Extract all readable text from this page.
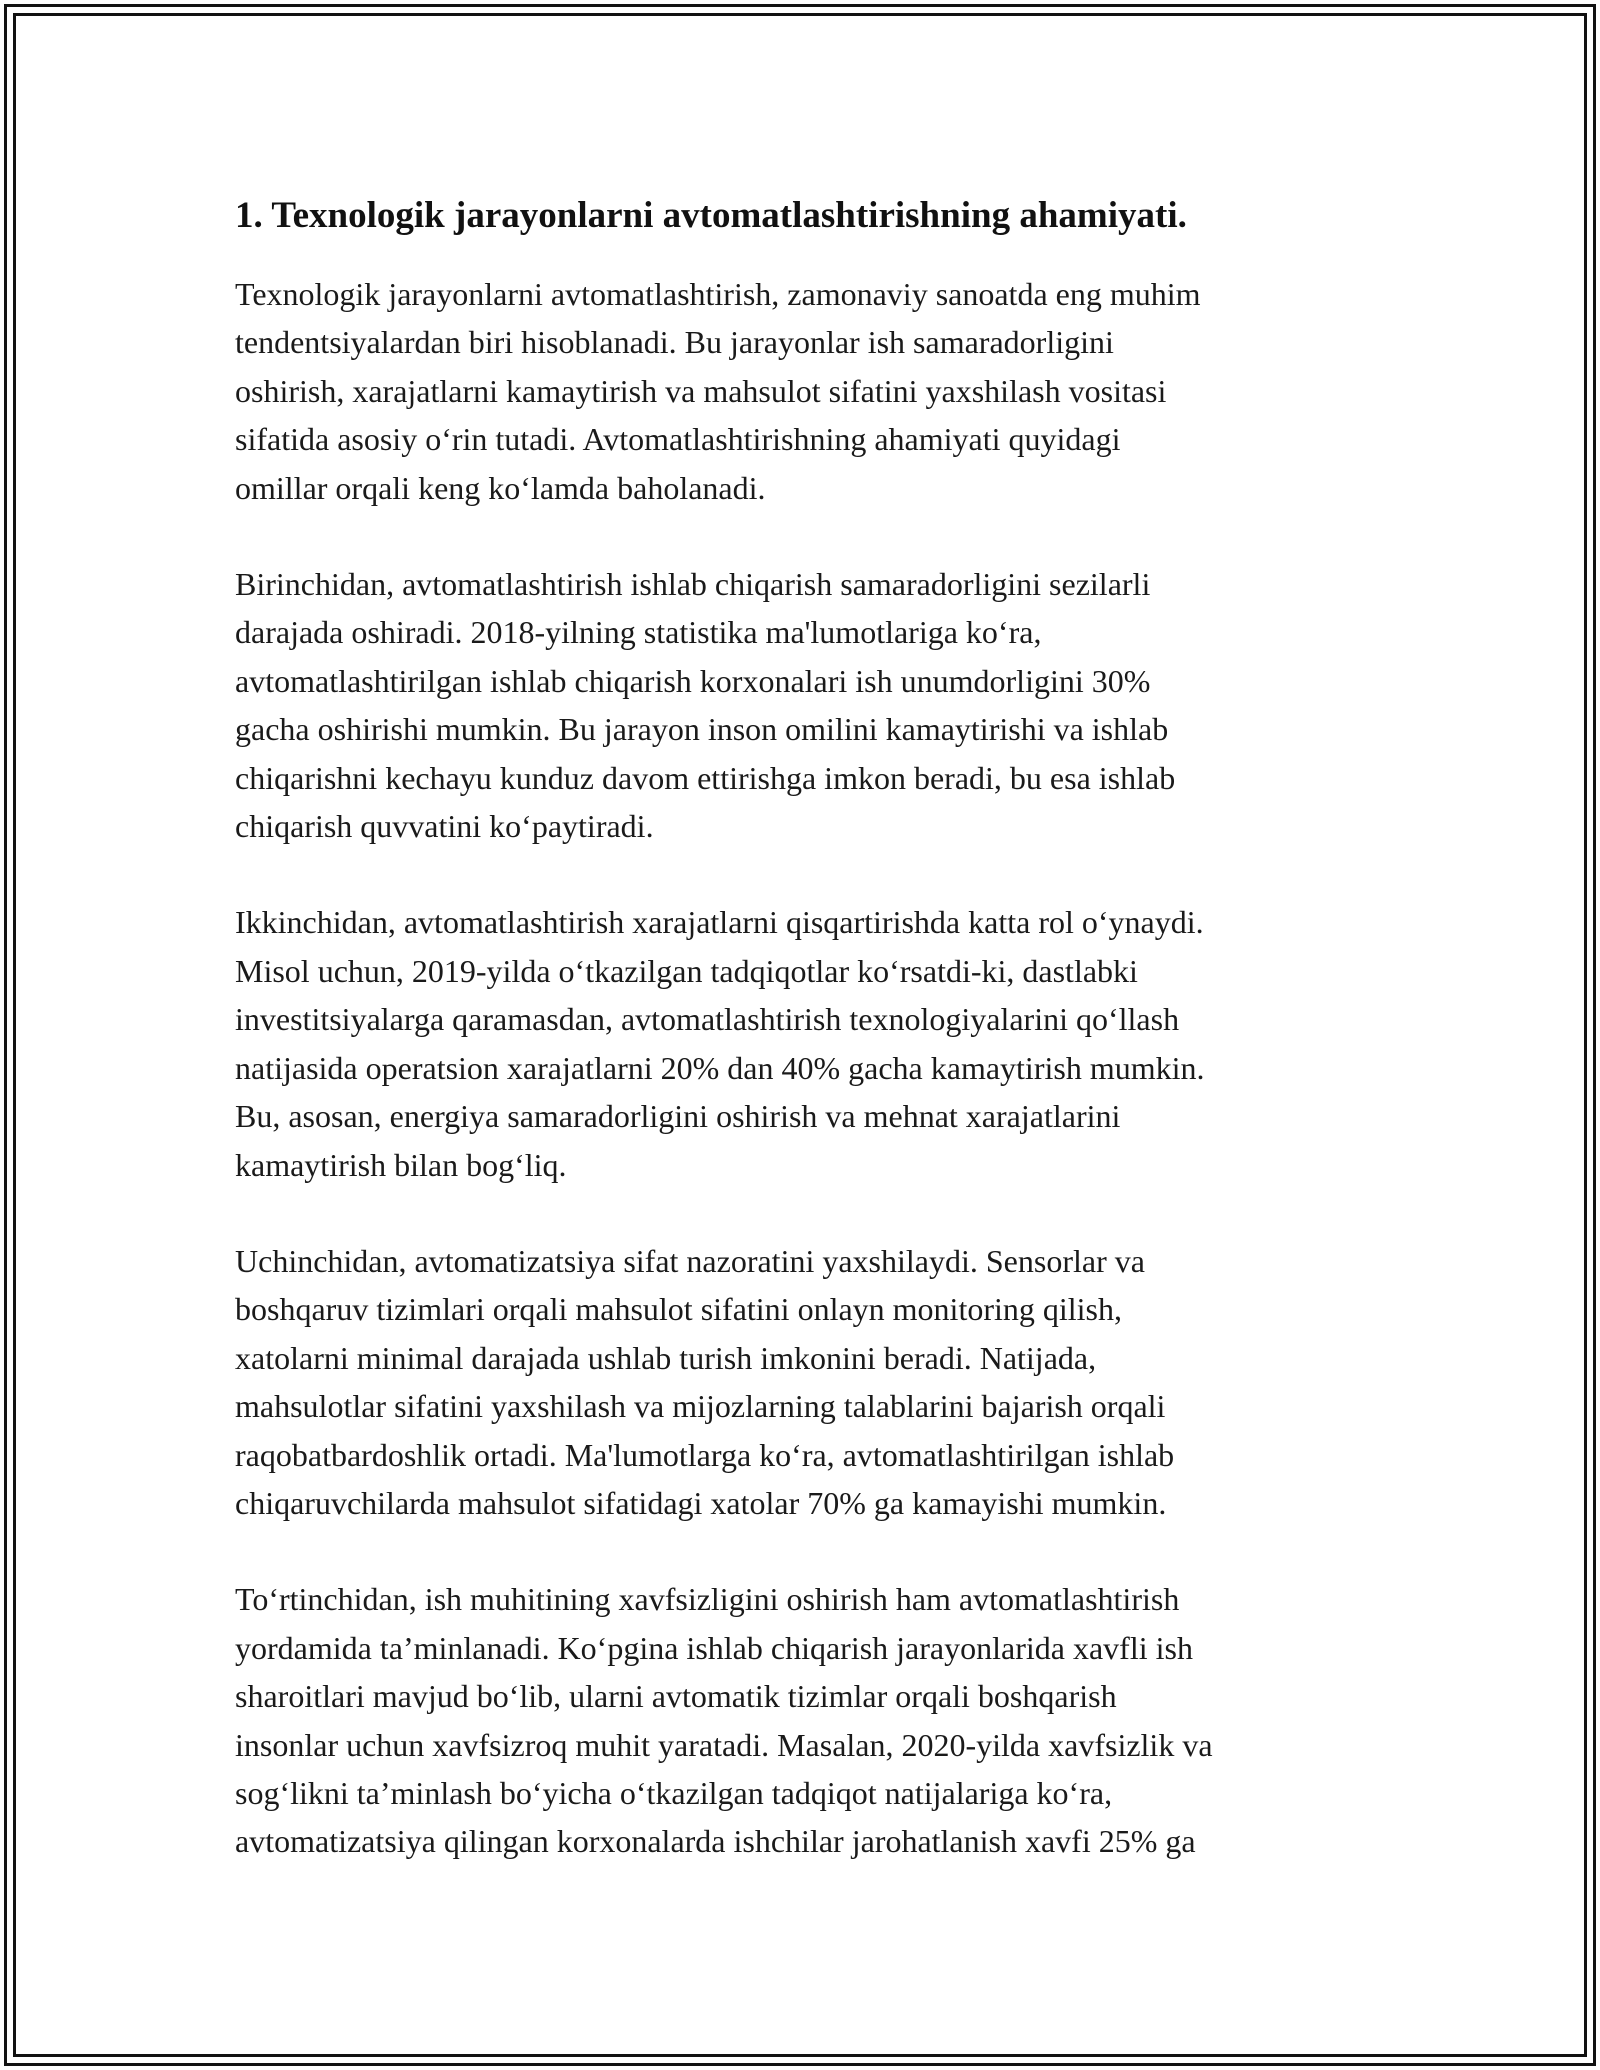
1. Texnologik jarayonlarni avtomatlashtirishning ahamiyati.

Texnologik jarayonlarni avtomatlashtirish, zamonaviy sanoatda eng muhim
tendentsiyalardan biri hisoblanadi. Bu jarayonlar ish samaradorligini
oshirish, xarajatlarni kamaytirish va mahsulot sifatini yaxshilash vositasi
sifatida asosiy oʻrin tutadi. Avtomatlashtirishning ahamiyati quyidagi
omillar orqali keng koʻlamda baholanadi.

Birinchidan, avtomatlashtirish ishlab chiqarish samaradorligini sezilarli
darajada oshiradi. 2018-yilning statistika ma'lumotlariga koʻra,
avtomatlashtirilgan ishlab chiqarish korxonalari ish unumdorligini 30%
gacha oshirishi mumkin. Bu jarayon inson omilini kamaytirishi va ishlab
chiqarishni kechayu kunduz davom ettirishga imkon beradi, bu esa ishlab
chiqarish quvvatini koʻpaytiradi.

Ikkinchidan, avtomatlashtirish xarajatlarni qisqartirishda katta rol oʻynaydi.
Misol uchun, 2019-yilda oʻtkazilgan tadqiqotlar koʻrsatdi-ki, dastlabki
investitsiyalarga qaramasdan, avtomatlashtirish texnologiyalarini qoʻllash
natijasida operatsion xarajatlarni 20% dan 40% gacha kamaytirish mumkin.
Bu, asosan, energiya samaradorligini oshirish va mehnat xarajatlarini
kamaytirish bilan bogʻliq.

Uchinchidan, avtomatizatsiya sifat nazoratini yaxshilaydi. Sensorlar va
boshqaruv tizimlari orqali mahsulot sifatini onlayn monitoring qilish,
xatolarni minimal darajada ushlab turish imkonini beradi. Natijada,
mahsulotlar sifatini yaxshilash va mijozlarning talablarini bajarish orqali
raqobatbardoshlik ortadi. Ma'lumotlarga koʻra, avtomatlashtirilgan ishlab
chiqaruvchilarda mahsulot sifatidagi xatolar 70% ga kamayishi mumkin.

Toʻrtinchidan, ish muhitining xavfsizligini oshirish ham avtomatlashtirish
yordamida taʼminlanadi. Koʻpgina ishlab chiqarish jarayonlarida xavfli ish
sharoitlari mavjud boʻlib, ularni avtomatik tizimlar orqali boshqarish
insonlar uchun xavfsizroq muhit yaratadi. Masalan, 2020-yilda xavfsizlik va
sogʻlikni taʼminlash boʻyicha oʻtkazilgan tadqiqot natijalariga koʻra,
avtomatizatsiya qilingan korxonalarda ishchilar jarohatlanish xavfi 25% ga
